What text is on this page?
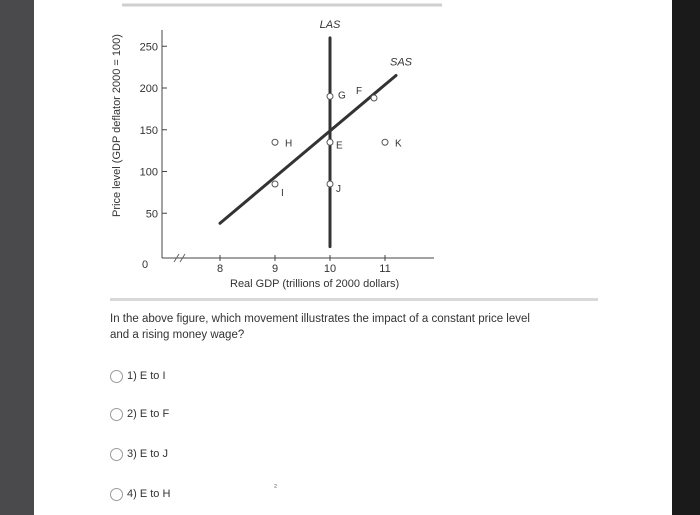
Price level (GDP deflator 2000 = 100)
Real GDP (trillions of 2000 dollars)
0
250
200
150
100
50
8	9	10	11
LAS
SAS
E
F
G
H
I	J
K
In the above figure, which movement illustrates the impact of a constant price level and a rising money wage?
1) E to I
2) E to F
3) E to J
4) E to H
²
